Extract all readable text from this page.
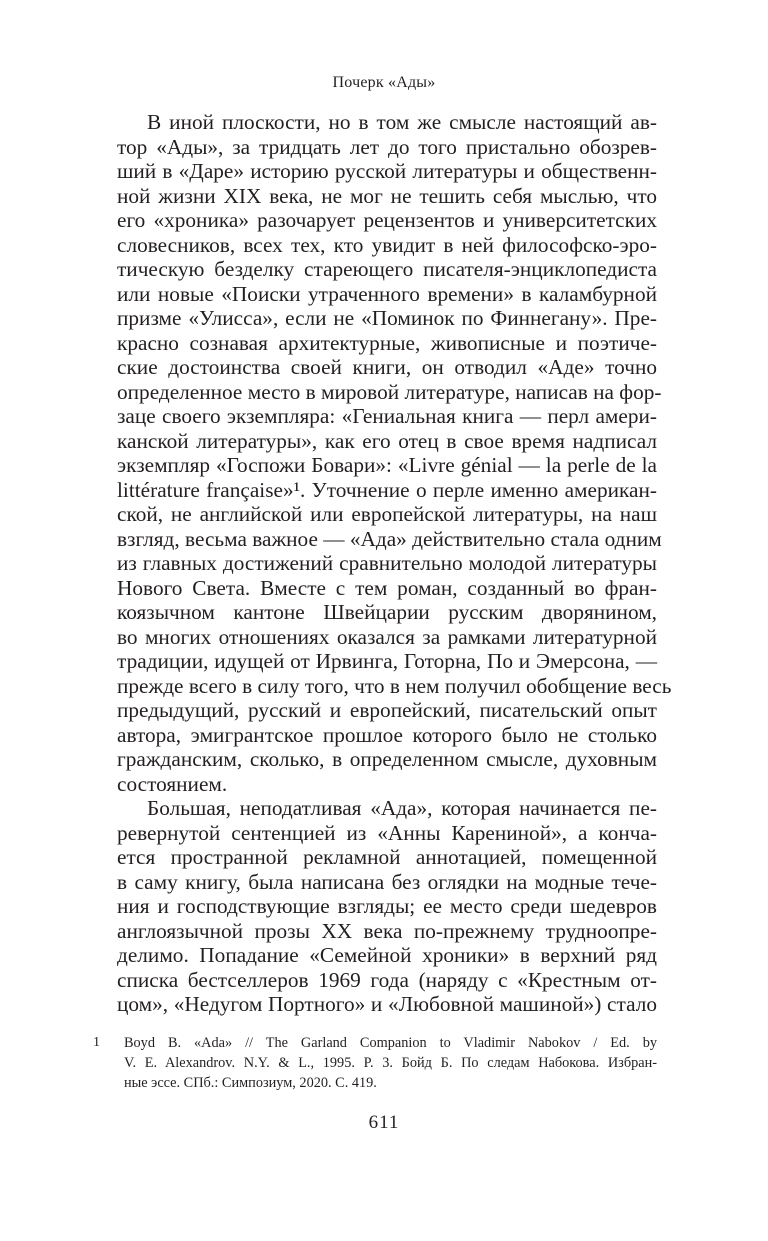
Почерк «Ады»
В иной плоскости, но в том же смысле настоящий ав-
тор «Ады», за тридцать лет до того пристально обозрев-
ший в «Даре» историю русской литературы и общественн-
ной жизни XIX века, не мог не тешить себя мыслью, что
его «хроника» разочарует рецензентов и университетских
словесников, всех тех, кто увидит в ней философско-эро-
тическую безделку стареющего писателя-энциклопедиста
или новые «Поиски утраченного времени» в каламбурной
призме «Улисса», если не «Поминок по Финнегану». Пре-
красно сознавая архитектурные, живописные и поэтиче-
ские достоинства своей книги, он отводил «Аде» точно
определенное место в мировой литературе, написав на фор-
заце своего экземпляра: «Гениальная книга — перл амери-
канской литературы», как его отец в свое время надписал
экземпляр «Госпожи Бовари»: «Livre génial — la perle de la
littérature française»¹. Уточнение о перле именно американ-
ской, не английской или европейской литературы, на наш
взгляд, весьма важное — «Ада» действительно стала одним
из главных достижений сравнительно молодой литературы
Нового Света. Вместе с тем роман, созданный во фран-
коязычном кантоне Швейцарии русским дворянином,
во многих отношениях оказался за рамками литературной
традиции, идущей от Ирвинга, Готорна, По и Эмерсона, —
прежде всего в силу того, что в нем получил обобщение весь
предыдущий, русский и европейский, писательский опыт
автора, эмигрантское прошлое которого было не столько
гражданским, сколько, в определенном смысле, духовным
состоянием.
Большая, неподатливая «Ада», которая начинается пе-
ревернутой сентенцией из «Анны Карениной», а конча-
ется пространной рекламной аннотацией, помещенной
в саму книгу, была написана без оглядки на модные тече-
ния и господствующие взгляды; ее место среди шедевров
англоязычной прозы XX века по-прежнему трудноопре-
делимо. Попадание «Семейной хроники» в верхний ряд
списка бестселлеров 1969 года (наряду с «Крестным от-
цом», «Недугом Портного» и «Любовной машиной») стало
1 Boyd B. «Ada» // The Garland Companion to Vladimir Nabokov / Ed. by
V. E. Alexandrov. N.Y. & L., 1995. P. 3. Бойд Б. По следам Набокова. Избран-
ные эссе. СПб.: Симпозиум, 2020. С. 419.
611
